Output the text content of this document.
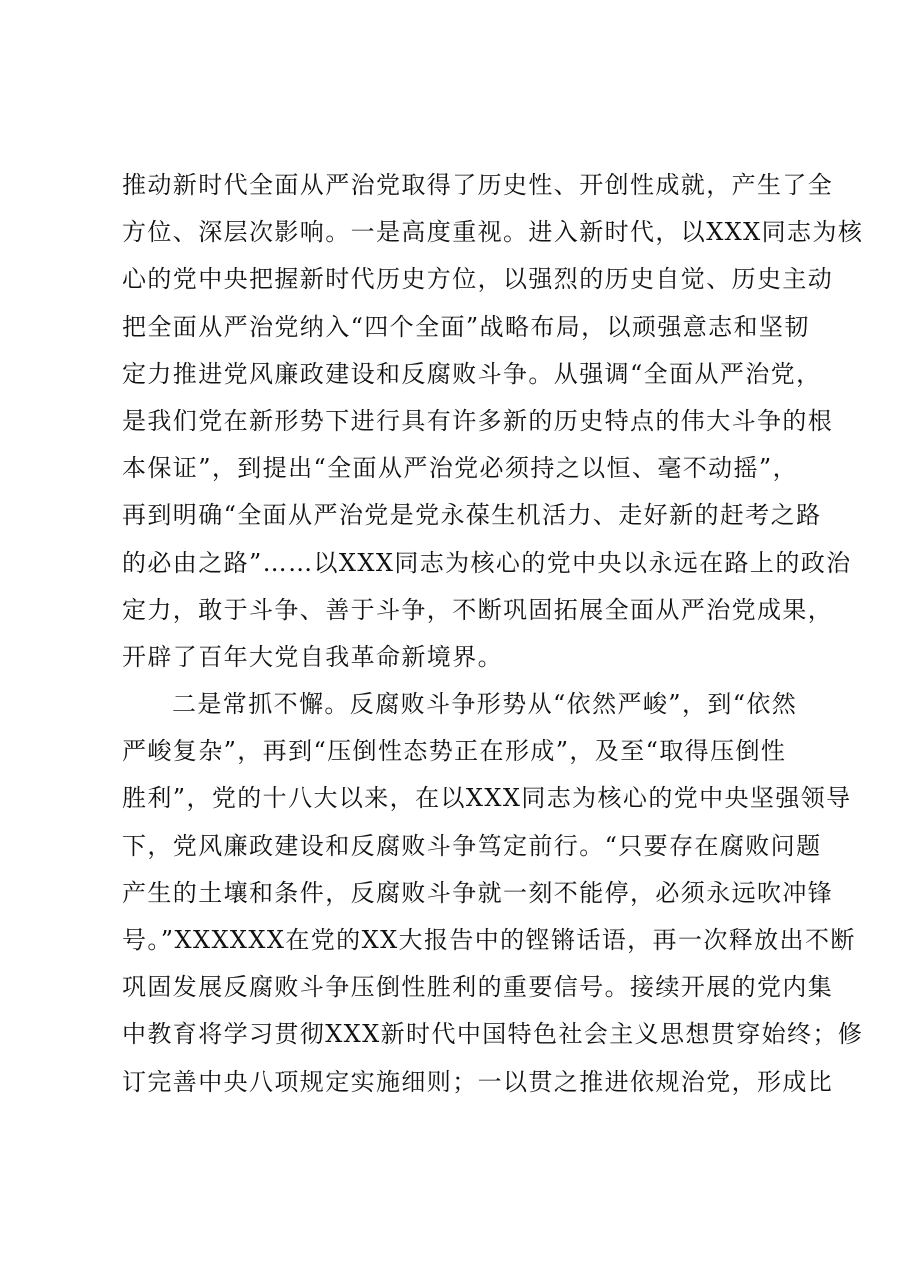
推动新时代全面从严治党取得了历史性、开创性成就，产生了全
方位、深层次影响。一是高度重视。进入新时代，以XXX同志为核
心的党中央把握新时代历史方位，以强烈的历史自觉、历史主动
把全面从严治党纳入“四个全面”战略布局，以顽强意志和坚韧
定力推进党风廉政建设和反腐败斗争。从强调“全面从严治党，
是我们党在新形势下进行具有许多新的历史特点的伟大斗争的根
本保证”，到提出“全面从严治党必须持之以恒、毫不动摇”，
再到明确“全面从严治党是党永葆生机活力、走好新的赶考之路
的必由之路”……以XXX同志为核心的党中央以永远在路上的政治
定力，敢于斗争、善于斗争，不断巩固拓展全面从严治党成果，
开辟了百年大党自我革命新境界。
二是常抓不懈。反腐败斗争形势从“依然严峻”，到“依然
严峻复杂”，再到“压倒性态势正在形成”，及至“取得压倒性
胜利”，党的十八大以来，在以XXX同志为核心的党中央坚强领导
下，党风廉政建设和反腐败斗争笃定前行。“只要存在腐败问题
产生的土壤和条件，反腐败斗争就一刻不能停，必须永远吹冲锋
号。”XXXXXX在党的XX大报告中的铿锵话语，再一次释放出不断
巩固发展反腐败斗争压倒性胜利的重要信号。接续开展的党内集
中教育将学习贯彻XXX新时代中国特色社会主义思想贯穿始终；修
订完善中央八项规定实施细则；一以贯之推进依规治党，形成比
